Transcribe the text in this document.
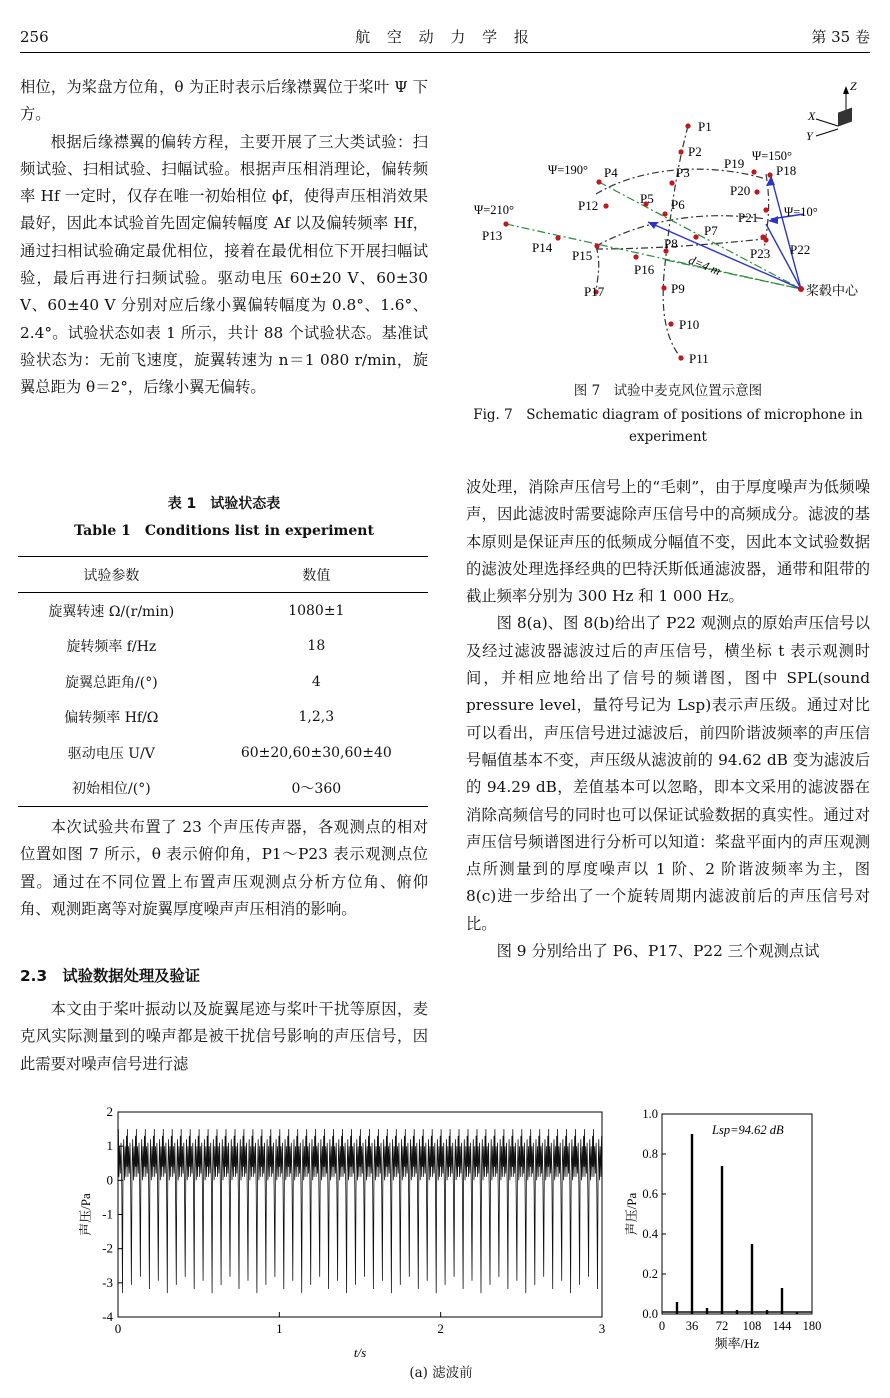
256	航 空 动 力 学 报	第 35 卷

相位，为桨盘方位角，θ 为正时表示后缘襟翼位于桨叶 Ψ 下方。

根据后缘襟翼的偏转方程，主要开展了三大类试验：扫频试验、扫相试验、扫幅试验。根据声压相消理论，偏转频率 Hf 一定时，仅存在唯一初始相位 ϕf，使得声压相消效果最好，因此本试验首先固定偏转幅度 Af 以及偏转频率 Hf，通过扫相试验确定最优相位，接着在最优相位下开展扫幅试验，最后再进行扫频试验。驱动电压 60±20 V、60±30 V、60±40 V 分别对应后缘小翼偏转幅度为 0.8°、1.6°、2.4°。试验状态如表 1 所示，共计 88 个试验状态。基准试验状态为：无前飞速度，旋翼转速为 n＝1 080 r/min，旋翼总距为 θ＝2°，后缘小翼无偏转。

表 1　试验状态表
Table 1　Conditions list in experiment
试验参数	数值
旋翼转速 Ω/(r/min)	1080±1
旋转频率 f/Hz	18
旋翼总距角/(°)	4
偏转频率 Hf/Ω	1,2,3
驱动电压 U/V	60±20,60±30,60±40
初始相位/(°)	0～360

本次试验共布置了 23 个声压传声器，各观测点的相对位置如图 7 所示，θ 表示俯仰角，P1～P23 表示观测点位置。通过在不同位置上布置声压观测点分析方位角、俯仰角、观测距离等对旋翼厚度噪声声压相消的影响。

2.3　试验数据处理及验证

本文由于桨叶振动以及旋翼尾迹与桨叶干扰等原因，麦克风实际测量到的噪声都是被干扰信号影响的声压信号，因此需要对噪声信号进行滤

Z
X
Y
P1
P2
P3
P4
P5 P6
P7
P8
P9
P10
P11
P12
P13
P14
P15
P16
P17
P18
P19
P20
P21
P22
P23
Ψ=190°
Ψ=210°
Ψ=150°
Ψ=10°
d=4 m
桨毂中心
图 7　试验中麦克风位置示意图
Fig. 7　Schematic diagram of positions of microphone in experiment

波处理，消除声压信号上的“毛刺”，由于厚度噪声为低频噪声，因此滤波时需要滤除声压信号中的高频成分。滤波的基本原则是保证声压的低频成分幅值不变，因此本文试验数据的滤波处理选择经典的巴特沃斯低通滤波器，通带和阻带的截止频率分别为 300 Hz 和 1 000 Hz。

图 8(a)、图 8(b)给出了 P22 观测点的原始声压信号以及经过滤波器滤波过后的声压信号，横坐标 t 表示观测时间，并相应地给出了信号的频谱图，图中 SPL(sound pressure level，量符号记为 Lsp)表示声压级。通过对比可以看出，声压信号进过滤波后，前四阶谐波频率的声压信号幅值基本不变，声压级从滤波前的 94.62 dB 变为滤波后的 94.29 dB，差值基本可以忽略，即本文采用的滤波器在消除高频信号的同时也可以保证试验数据的真实性。通过对声压信号频谱图进行分析可以知道：桨盘平面内的声压观测点所测量到的厚度噪声以 1 阶、2 阶谐波频率为主，图 8(c)进一步给出了一个旋转周期内滤波前后的声压信号对比。

图 9 分别给出了 P6、P17、P22 三个观测点试

0	1	2	3
-4
-3
-2
-1
0
1
2
t/s
声压/Pa
0 36 72 108 144 180
0.0
0.2
0.4
0.6
0.8
1.0
频率/Hz
声压/Pa
Lsp=94.62 dB
(a) 滤波前
